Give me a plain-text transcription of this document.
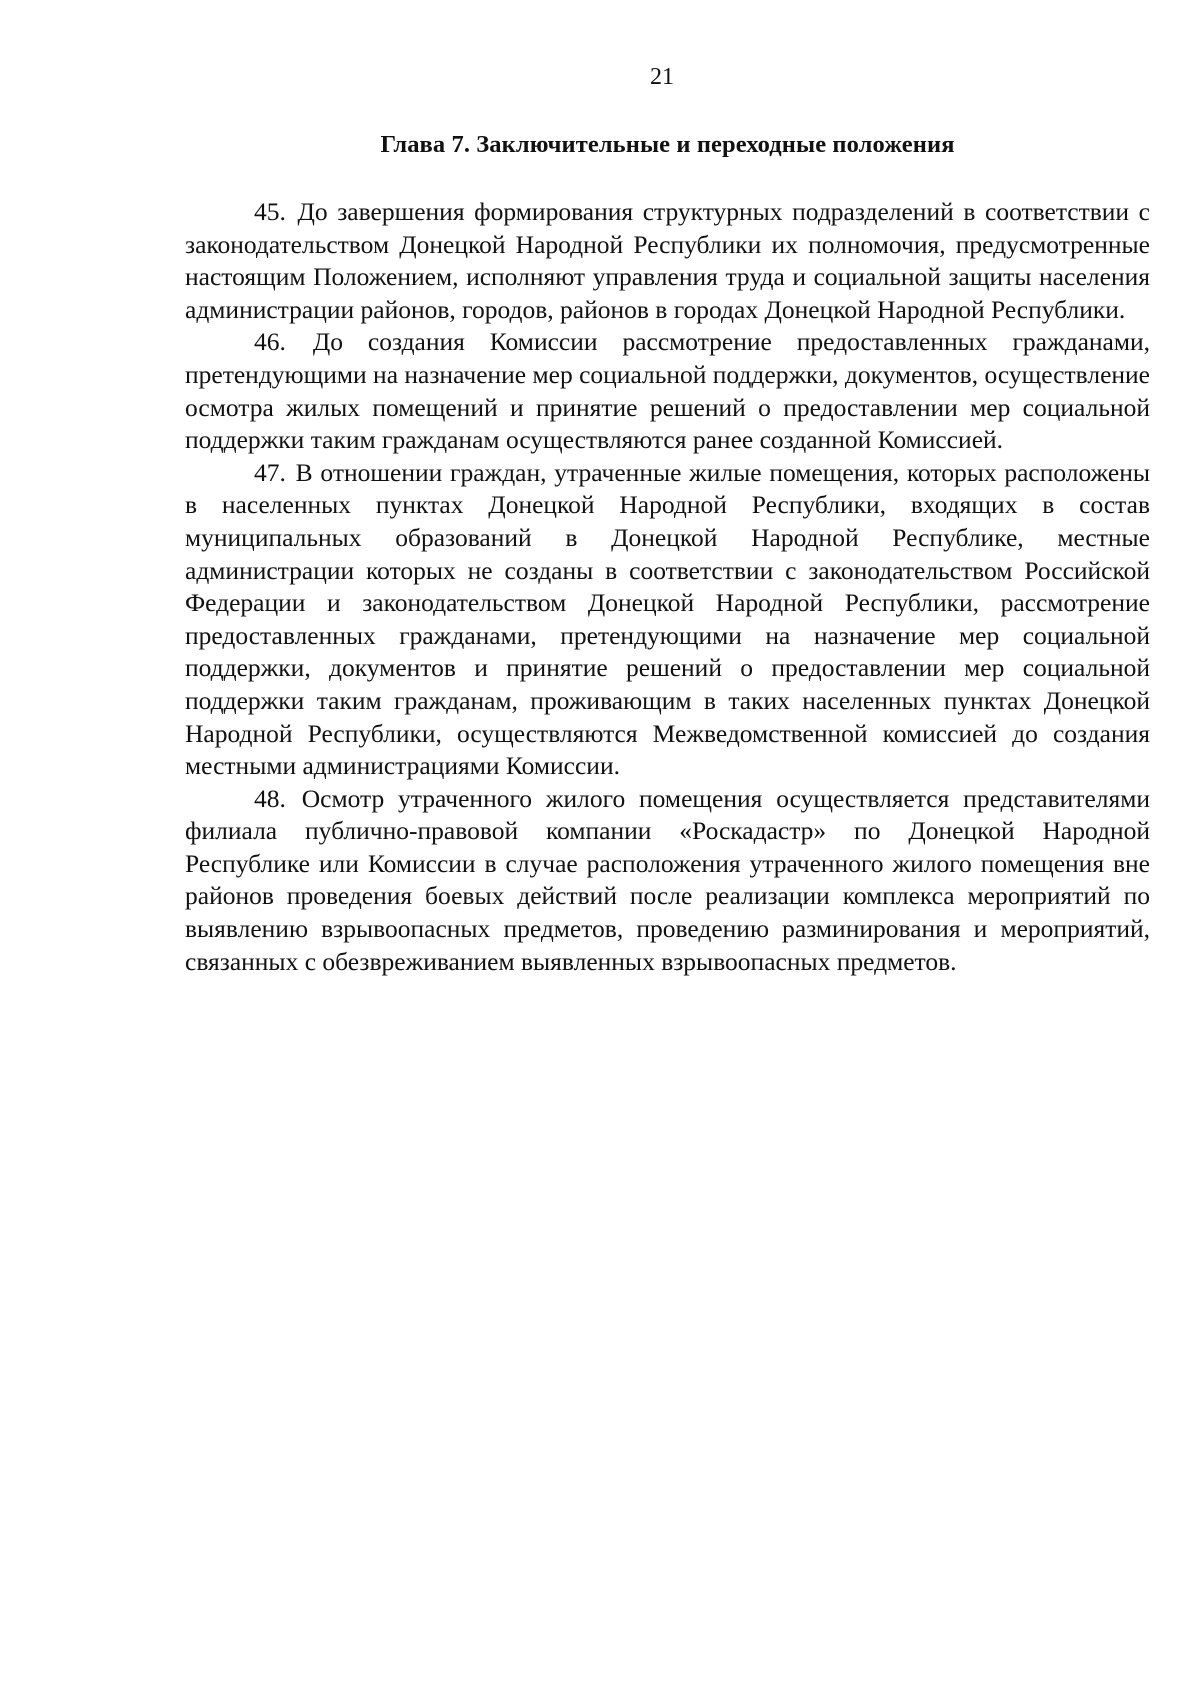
21
Глава 7. Заключительные и переходные положения

45. До завершения формирования структурных подразделений в соответствии с законодательством Донецкой Народной Республики их полномочия, предусмотренные настоящим Положением, исполняют управления труда и социальной защиты населения администрации районов, городов, районов в городах Донецкой Народной Республики.

46. До создания Комиссии рассмотрение предоставленных гражданами, претендующими на назначение мер социальной поддержки, документов, осуществление осмотра жилых помещений и принятие решений о предоставлении мер социальной поддержки таким гражданам осуществляются ранее созданной Комиссией.

47. В отношении граждан, утраченные жилые помещения, которых расположены в населенных пунктах Донецкой Народной Республики, входящих в состав муниципальных образований в Донецкой Народной Республике, местные администрации которых не созданы в соответствии с законодательством Российской Федерации и законодательством Донецкой Народной Республики, рассмотрение предоставленных гражданами, претендующими на назначение мер социальной поддержки, документов и принятие решений о предоставлении мер социальной поддержки таким гражданам, проживающим в таких населенных пунктах Донецкой Народной Республики, осуществляются Межведомственной комиссией до создания местными администрациями Комиссии.

48. Осмотр утраченного жилого помещения осуществляется представителями филиала публично-правовой компании «Роскадастр» по Донецкой Народной Республике или Комиссии в случае расположения утраченного жилого помещения вне районов проведения боевых действий после реализации комплекса мероприятий по выявлению взрывоопасных предметов, проведению разминирования и мероприятий, связанных с обезвреживанием выявленных взрывоопасных предметов.
